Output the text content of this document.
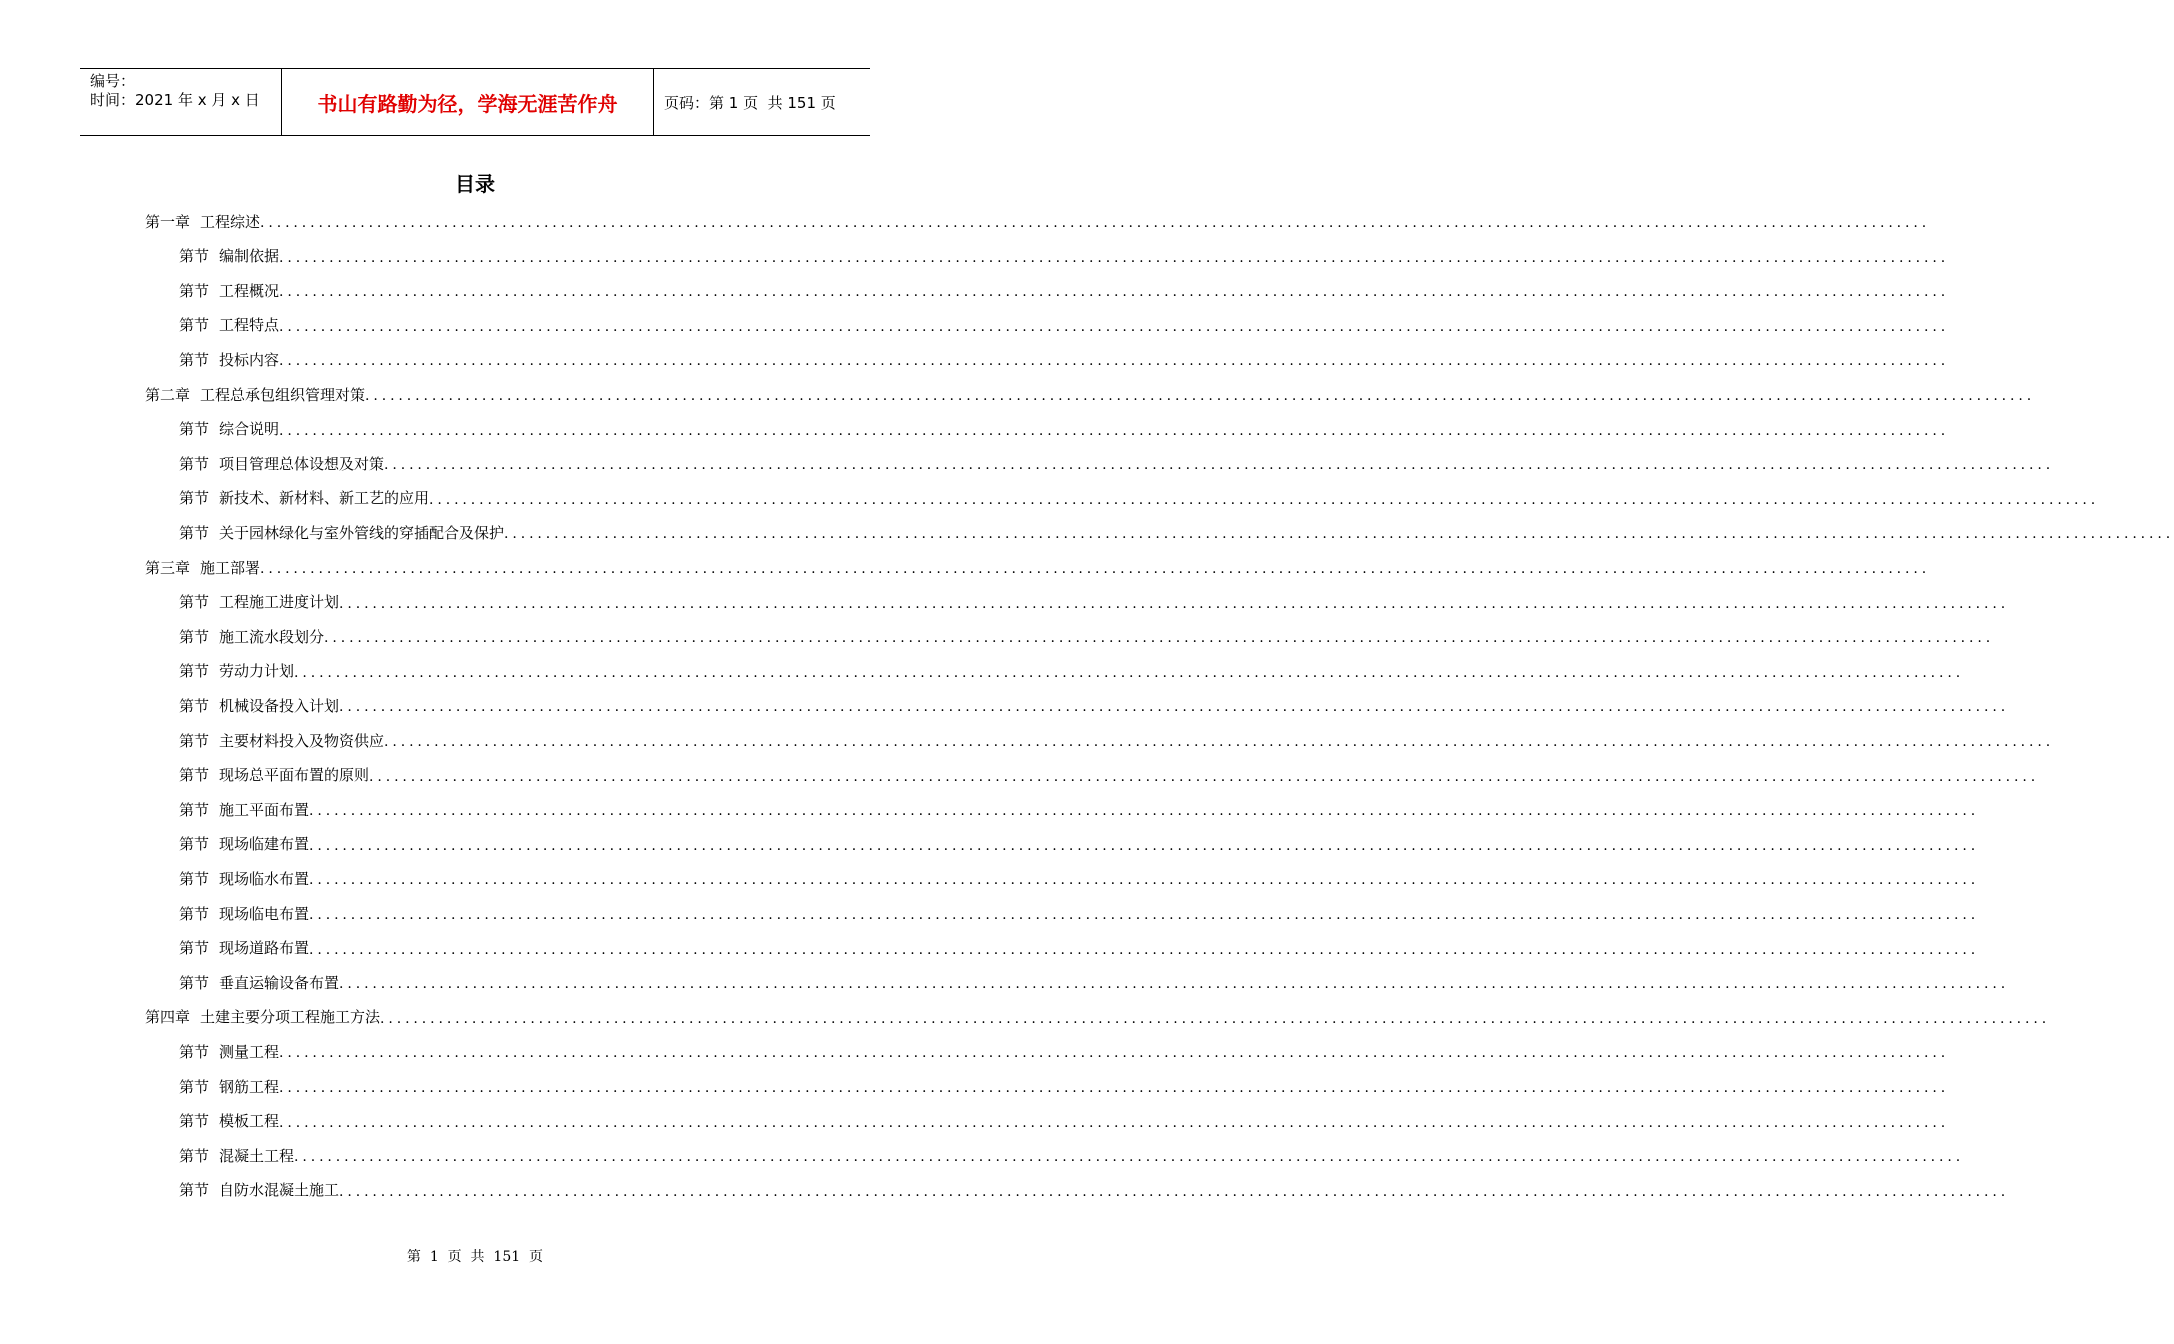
编号：
时间：2021 年 x 月 x 日	书山有路勤为径，学海无涯苦作舟	页码：第 1 页  共 151 页
目录
第一章 工程综述 ........................................................................................................................................................................................................
第节 编制依据 ........................................................................................................................................................................................................
第节 工程概况 ........................................................................................................................................................................................................
第节 工程特点 ........................................................................................................................................................................................................
第节 投标内容 ........................................................................................................................................................................................................
第二章 工程总承包组织管理对策 ........................................................................................................................................................................................................
第节 综合说明 ........................................................................................................................................................................................................
第节 项目管理总体设想及对策 ........................................................................................................................................................................................................
第节 新技术、新材料、新工艺的应用 ........................................................................................................................................................................................................
第节 关于园林绿化与室外管线的穿插配合及保护 ........................................................................................................................................................................................................
第三章 施工部署 ........................................................................................................................................................................................................
第节 工程施工进度计划 ........................................................................................................................................................................................................
第节 施工流水段划分 ........................................................................................................................................................................................................
第节 劳动力计划 ........................................................................................................................................................................................................
第节 机械设备投入计划 ........................................................................................................................................................................................................
第节 主要材料投入及物资供应 ........................................................................................................................................................................................................
第节 现场总平面布置的原则 ........................................................................................................................................................................................................
第节 施工平面布置 ........................................................................................................................................................................................................
第节 现场临建布置 ........................................................................................................................................................................................................
第节 现场临水布置 ........................................................................................................................................................................................................
第节 现场临电布置 ........................................................................................................................................................................................................
第节 现场道路布置 ........................................................................................................................................................................................................
第节 垂直运输设备布置 ........................................................................................................................................................................................................
第四章 土建主要分项工程施工方法 ........................................................................................................................................................................................................
第节 测量工程 ........................................................................................................................................................................................................
第节 钢筋工程 ........................................................................................................................................................................................................
第节 模板工程 ........................................................................................................................................................................................................
第节 混凝土工程 ........................................................................................................................................................................................................
第节 自防水混凝土施工 ........................................................................................................................................................................................................
第  1  页  共  151  页
